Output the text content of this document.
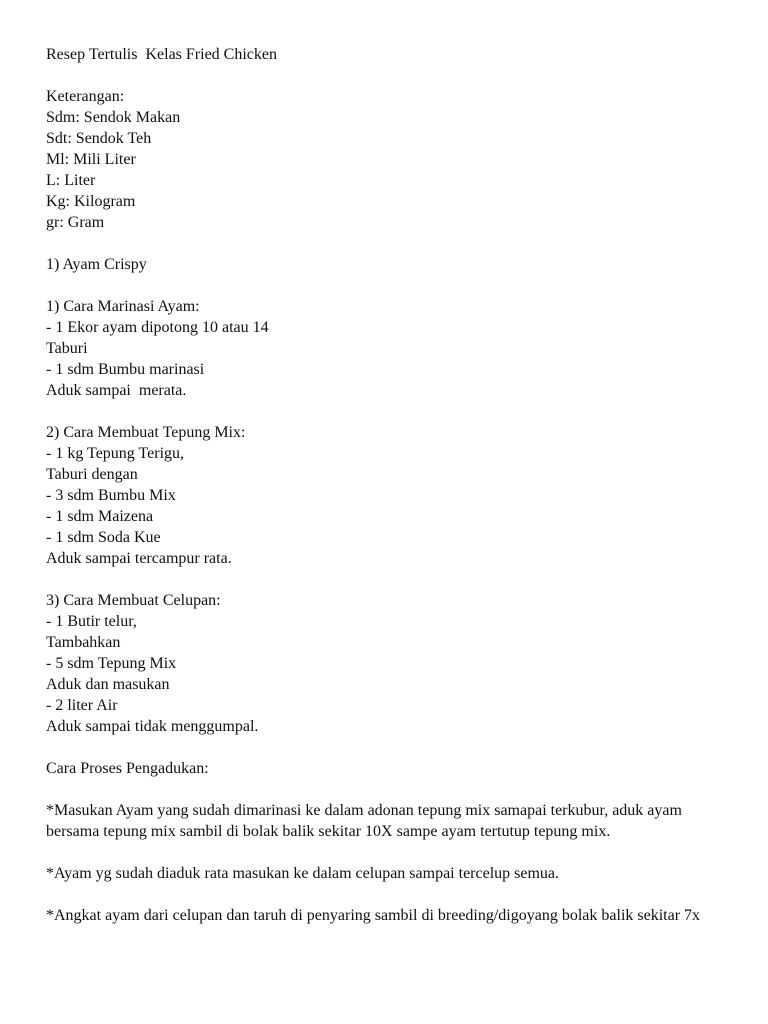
Resep Tertulis  Kelas Fried Chicken
Keterangan:
Sdm: Sendok Makan
Sdt: Sendok Teh
Ml: Mili Liter
L: Liter
Kg: Kilogram
gr: Gram
1) Ayam Crispy
1) Cara Marinasi Ayam:
- 1 Ekor ayam dipotong 10 atau 14
Taburi
- 1 sdm Bumbu marinasi
Aduk sampai  merata.
2) Cara Membuat Tepung Mix:
- 1 kg Tepung Terigu,
Taburi dengan
- 3 sdm Bumbu Mix
- 1 sdm Maizena
- 1 sdm Soda Kue
Aduk sampai tercampur rata.
3) Cara Membuat Celupan:
- 1 Butir telur,
Tambahkan
- 5 sdm Tepung Mix
Aduk dan masukan
- 2 liter Air
Aduk sampai tidak menggumpal.
Cara Proses Pengadukan:
*Masukan Ayam yang sudah dimarinasi ke dalam adonan tepung mix samapai terkubur, aduk ayam bersama tepung mix sambil di bolak balik sekitar 10X sampe ayam tertutup tepung mix.
*Ayam yg sudah diaduk rata masukan ke dalam celupan sampai tercelup semua.
*Angkat ayam dari celupan dan taruh di penyaring sambil di breeding/digoyang bolak balik sekitar 7x
